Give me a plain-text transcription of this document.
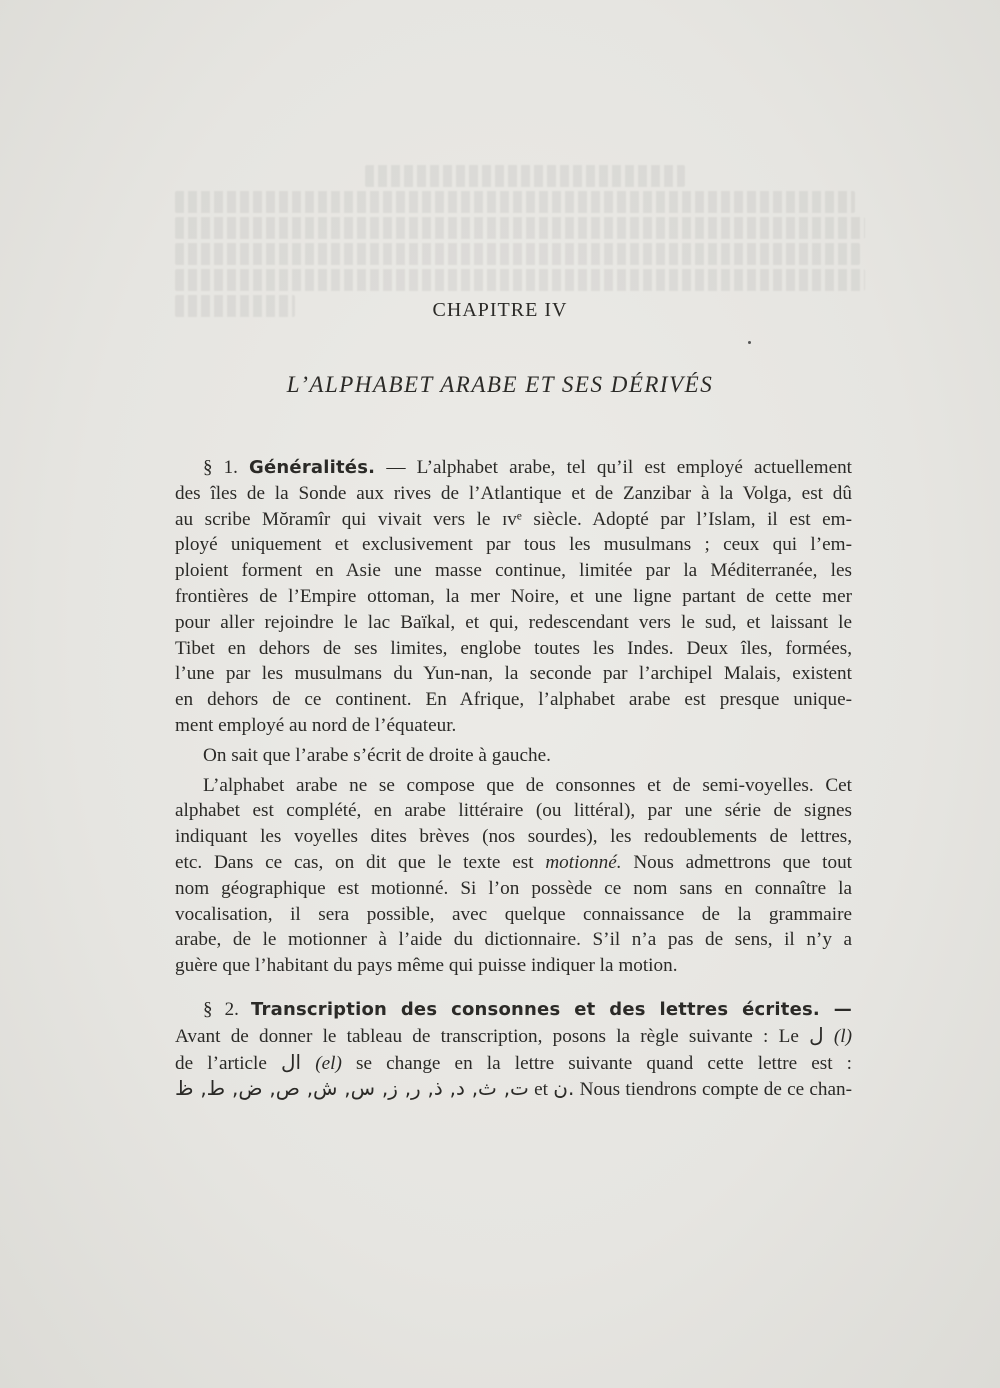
CHAPITRE IV
L’ALPHABET ARABE ET SES DÉRIVÉS

§ 1. Généralités. — L’alphabet arabe, tel qu’il est employé actuellement
des îles de la Sonde aux rives de l’Atlantique et de Zanzibar à la Volga, est dû
au scribe Mŏramîr qui vivait vers le ɪvᵉ siècle. Adopté par l’Islam, il est em-
ployé uniquement et exclusivement par tous les musulmans ; ceux qui l’em-
ploient forment en Asie une masse continue, limitée par la Méditerranée, les
frontières de l’Empire ottoman, la mer Noire, et une ligne partant de cette mer
pour aller rejoindre le lac Baïkal, et qui, redescendant vers le sud, et laissant le
Tibet en dehors de ses limites, englobe toutes les Indes. Deux îles, formées,
l’une par les musulmans du Yun-nan, la seconde par l’archipel Malais, existent
en dehors de ce continent. En Afrique, l’alphabet arabe est presque unique-
ment employé au nord de l’équateur.

On sait que l’arabe s’écrit de droite à gauche.

L’alphabet arabe ne se compose que de consonnes et de semi-voyelles. Cet
alphabet est complété, en arabe littéraire (ou littéral), par une série de signes
indiquant les voyelles dites brèves (nos sourdes), les redoublements de lettres,
etc. Dans ce cas, on dit que le texte est motionné. Nous admettrons que tout
nom géographique est motionné. Si l’on possède ce nom sans en connaître la
vocalisation, il sera possible, avec quelque connaissance de la grammaire
arabe, de le motionner à l’aide du dictionnaire. S’il n’a pas de sens, il n’y a
guère que l’habitant du pays même qui puisse indiquer la motion.

§ 2. Transcription des consonnes et des lettres écrites. —
Avant de donner le tableau de transcription, posons la règle suivante : Le ل (l)
de l’article ال (el) se change en la lettre suivante quand cette lettre est :
ت, ث, د, ذ, ر, ز, س, ش, ص, ض, ط, ظ et ن. Nous tiendrons compte de ce chan-
